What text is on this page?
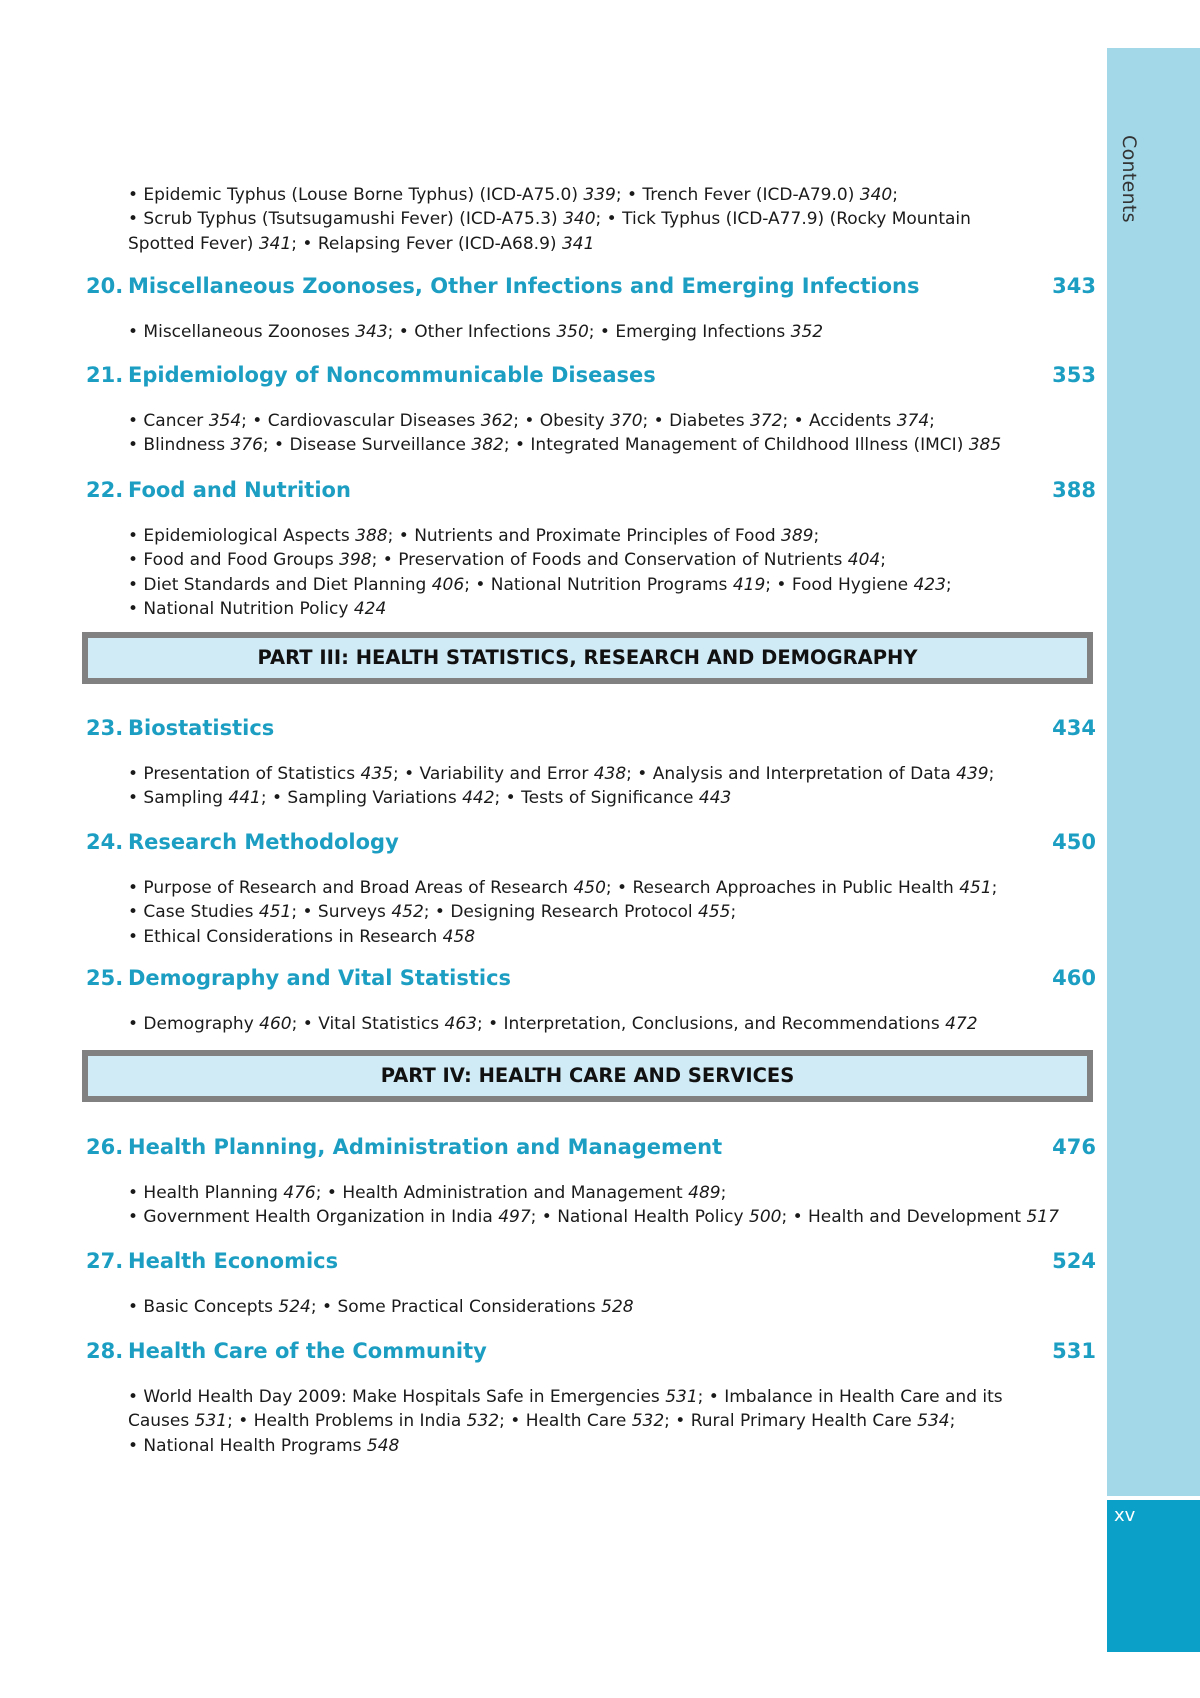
Contents
xv
• Epidemic Typhus (Louse Borne Typhus) (ICD-A75.0) 339; • Trench Fever (ICD-A79.0) 340;
• Scrub Typhus (Tsutsugamushi Fever) (ICD-A75.3) 340; • Tick Typhus (ICD-A77.9) (Rocky Mountain
Spotted Fever) 341; • Relapsing Fever (ICD-A68.9) 341
20. Miscellaneous Zoonoses, Other Infections and Emerging Infections	343
• Miscellaneous Zoonoses 343; • Other Infections 350; • Emerging Infections 352
21. Epidemiology of Noncommunicable Diseases	353
• Cancer 354; • Cardiovascular Diseases 362; • Obesity 370; • Diabetes 372; • Accidents 374;
• Blindness 376; • Disease Surveillance 382; • Integrated Management of Childhood Illness (IMCI) 385
22. Food and Nutrition	388
• Epidemiological Aspects 388; • Nutrients and Proximate Principles of Food 389;
• Food and Food Groups 398; • Preservation of Foods and Conservation of Nutrients 404;
• Diet Standards and Diet Planning 406; • National Nutrition Programs 419; • Food Hygiene 423;
• National Nutrition Policy 424
PART III: HEALTH STATISTICS, RESEARCH AND DEMOGRAPHY
23. Biostatistics	434
• Presentation of Statistics 435; • Variability and Error 438; • Analysis and Interpretation of Data 439;
• Sampling 441; • Sampling Variations 442; • Tests of Significance 443
24. Research Methodology	450
• Purpose of Research and Broad Areas of Research 450; • Research Approaches in Public Health 451;
• Case Studies 451; • Surveys 452; • Designing Research Protocol 455;
• Ethical Considerations in Research 458
25. Demography and Vital Statistics	460
• Demography 460; • Vital Statistics 463; • Interpretation, Conclusions, and Recommendations 472
PART IV: HEALTH CARE AND SERVICES
26. Health Planning, Administration and Management	476
• Health Planning 476; • Health Administration and Management 489;
• Government Health Organization in India 497; • National Health Policy 500; • Health and Development 517
27. Health Economics	524
• Basic Concepts 524; • Some Practical Considerations 528
28. Health Care of the Community	531
• World Health Day 2009: Make Hospitals Safe in Emergencies 531; • Imbalance in Health Care and its
Causes 531; • Health Problems in India 532; • Health Care 532; • Rural Primary Health Care 534;
• National Health Programs 548
